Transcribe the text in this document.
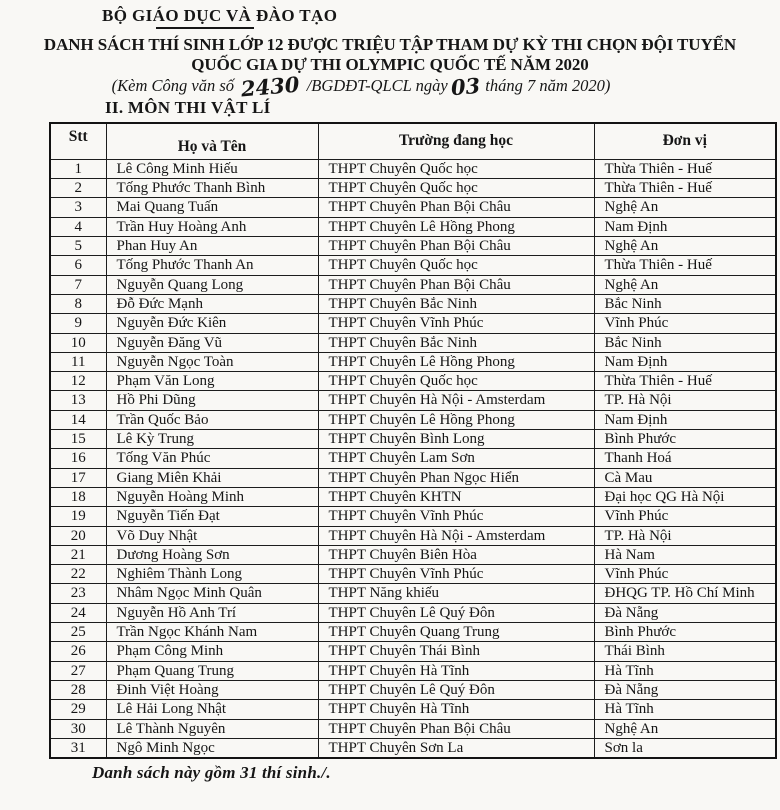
BỘ GIÁO DỤC VÀ ĐÀO TẠO
DANH SÁCH THÍ SINH LỚP 12 ĐƯỢC TRIỆU TẬP THAM DỰ KỲ THI CHỌN ĐỘI TUYỂN
QUỐC GIA DỰ THI OLYMPIC QUỐC TẾ NĂM 2020
(Kèm Công văn số 2430 /BGDĐT-QLCL ngày 03 tháng 7 năm 2020)
II. MÔN THI VẬT LÍ
Stt	Họ và Tên	Trường đang học	Đơn vị
1	Lê Công Minh Hiếu	THPT Chuyên Quốc học	Thừa Thiên - Huế
2	Tống Phước Thanh Bình	THPT Chuyên Quốc học	Thừa Thiên - Huế
3	Mai Quang Tuấn	THPT Chuyên Phan Bội Châu	Nghệ An
4	Trần Huy Hoàng Anh	THPT Chuyên Lê Hồng Phong	Nam Định
5	Phan Huy An	THPT Chuyên Phan Bội Châu	Nghệ An
6	Tống Phước Thanh An	THPT Chuyên Quốc học	Thừa Thiên - Huế
7	Nguyễn Quang Long	THPT Chuyên Phan Bội Châu	Nghệ An
8	Đỗ Đức Mạnh	THPT Chuyên Bắc Ninh	Bắc Ninh
9	Nguyễn Đức Kiên	THPT Chuyên Vĩnh Phúc	Vĩnh Phúc
10	Nguyễn Đăng Vũ	THPT Chuyên Bắc Ninh	Bắc Ninh
11	Nguyễn Ngọc Toàn	THPT Chuyên Lê Hồng Phong	Nam Định
12	Phạm Văn Long	THPT Chuyên Quốc học	Thừa Thiên - Huế
13	Hồ Phi Dũng	THPT Chuyên Hà Nội - Amsterdam	TP. Hà Nội
14	Trần Quốc Bảo	THPT Chuyên Lê Hồng Phong	Nam Định
15	Lê Kỳ Trung	THPT Chuyên Bình Long	Bình Phước
16	Tống Văn Phúc	THPT Chuyên Lam Sơn	Thanh Hoá
17	Giang Miên Khải	THPT Chuyên Phan Ngọc Hiển	Cà Mau
18	Nguyễn Hoàng Minh	THPT Chuyên KHTN	Đại học QG Hà Nội
19	Nguyễn Tiến Đạt	THPT Chuyên Vĩnh Phúc	Vĩnh Phúc
20	Võ Duy Nhật	THPT Chuyên Hà Nội - Amsterdam	TP. Hà Nội
21	Dương Hoàng Sơn	THPT Chuyên Biên Hòa	Hà Nam
22	Nghiêm Thành Long	THPT Chuyên Vĩnh Phúc	Vĩnh Phúc
23	Nhâm Ngọc Minh Quân	THPT Năng khiếu	ĐHQG TP. Hồ Chí Minh
24	Nguyễn Hồ Anh Trí	THPT Chuyên Lê Quý Đôn	Đà Nẵng
25	Trần Ngọc Khánh Nam	THPT Chuyên Quang Trung	Bình Phước
26	Phạm Công Minh	THPT Chuyên Thái Bình	Thái Bình
27	Phạm Quang Trung	THPT Chuyên Hà Tĩnh	Hà Tĩnh
28	Đinh Việt Hoàng	THPT Chuyên Lê Quý Đôn	Đà Nẵng
29	Lê Hải Long Nhật	THPT Chuyên Hà Tĩnh	Hà Tĩnh
30	Lê Thành Nguyên	THPT Chuyên Phan Bội Châu	Nghệ An
31	Ngô Minh Ngọc	THPT Chuyên Sơn La	Sơn la
Danh sách này gồm 31 thí sinh./.
